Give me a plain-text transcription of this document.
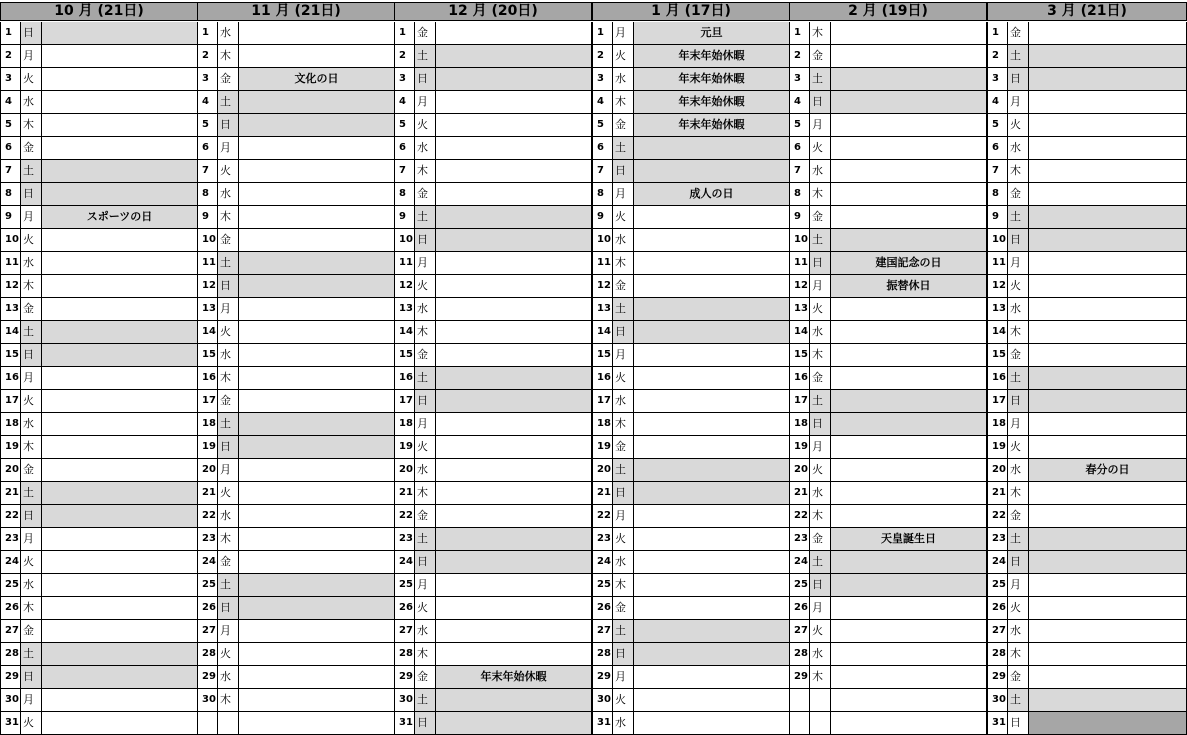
10 月 (21日)
1	日
2	月
3	火
4	水
5	木
6	金
7	土
8	日
9	月	スポーツの日
10 火
11 水
12 木
13 金
14 土
15 日
16 月
17 火
18 水
19 木
20 金
21 土
22 日
23 月
24 火
25 水
26 木
27 金
28 土
29 日
30 月
31 火
11 月 (21日)
1	水
2	木
3	金	文化の日
4	土
5	日
6	月
7	火
8	水
9	木
10 金
11 土
12 日
13 月
14 火
15 水
16 木
17 金
18 土
19 日
20 月
21 火
22 水
23 木
24 金
25 土
26 日
27 月
28 火
29 水
30 木
12 月 (20日)
1	金
2	土
3	日
4	月
5	火
6	水
7	木
8	金
9	土
10 日
11 月
12 火
13 水
14 木
15 金
16 土
17 日
18 月
19 火
20 水
21 木
22 金
23 土
24 日
25 月
26 火
27 水
28 木
29 金	年末年始休暇
30 土
31 日
1 月 (17日)
1	月	元旦
2	火	年末年始休暇
3	水	年末年始休暇
4	木	年末年始休暇
5	金	年末年始休暇
6	土
7	日
8	月	成人の日
9	火
10 水
11 木
12 金
13 土
14 日
15 月
16 火
17 水
18 木
19 金
20 土
21 日
22 月
23 火
24 水
25 木
26 金
27 土
28 日
29 月
30 火
31 水
2 月 (19日)
1	木
2	金
3	土
4	日
5	月
6	火
7	水
8	木
9	金
10 土
11 日	建国記念の日
12 月	振替休日
13 火
14 水
15 木
16 金
17 土
18 日
19 月
20 火
21 水
22 木
23 金	天皇誕生日
24 土
25 日
26 月
27 火
28 水
29 木
3 月 (21日)
1	金
2	土
3	日
4	月
5	火
6	水
7	木
8	金
9	土
10 日
11 月
12 火
13 水
14 木
15 金
16 土
17 日
18 月
19 火
20 水	春分の日
21 木
22 金
23 土
24 日
25 月
26 火
27 水
28 木
29 金
30 土
31 日
